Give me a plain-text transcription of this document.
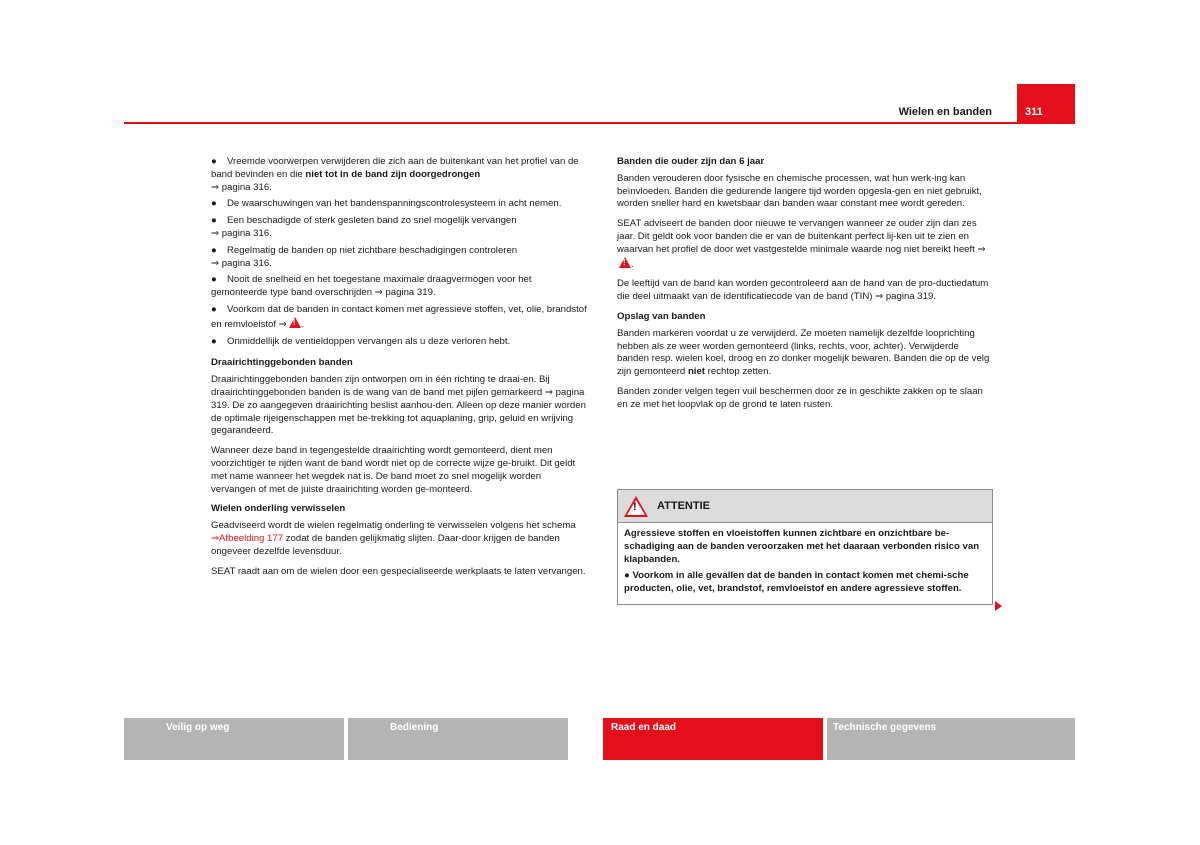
Wielen en banden	311

● Vreemde voorwerpen verwijderen die zich aan de buitenkant van het profiel van de band bevinden en die niet tot in de band zijn doorgedrongen
⇒ pagina 316.

● De waarschuwingen van het bandenspanningscontrolesysteem in acht nemen.

● Een beschadigde of sterk gesleten band zo snel mogelijk vervangen
⇒ pagina 316.

● Regelmatig de banden op niet zichtbare beschadigingen controleren
⇒ pagina 316.

● Nooit de snelheid en het toegestane maximale draagvermogen voor het gemonteerde type band overschrijden ⇒ pagina 319.

● Voorkom dat de banden in contact komen met agressieve stoffen, vet, olie, brandstof en remvloeistof ⇒! .

● Onmiddellijk de ventieldoppen vervangen als u deze verloren hebt.

Draairichtinggebonden banden

Draairichtinggebonden banden zijn ontworpen om in één richting te draai-en. Bij draairichtinggebonden banden is de wang van de band met pijlen gemarkeerd ⇒ pagina 319. De zo aangegeven draairichting beslist aanhou-den. Alleen op deze manier worden de optimale rijeigenschappen met be-trekking tot aquaplaning, grip, geluid en wrijving gegarandeerd.

Wanneer deze band in tegengestelde draairichting wordt gemonteerd, dient men voorzichtiger te rijden want de band wordt niet op de correcte wijze ge-bruikt. Dit geldt met name wanneer het wegdek nat is. De band moet zo snel mogelijk worden vervangen of met de juiste draairichting worden ge-monteerd.

Wielen onderling verwisselen

Geadviseerd wordt de wielen regelmatig onderling te verwisselen volgens het schema ⇒Afbeelding 177 zodat de banden gelijkmatig slijten. Daar-door krijgen de banden ongeveer dezelfde levensduur.

SEAT raadt aan om de wielen door een gespecialiseerde werkplaats te laten vervangen.

Banden die ouder zijn dan 6 jaar

Banden verouderen door fysische en chemische processen, wat hun werk-ing kan beïnvloeden. Banden die gedurende langere tijd worden opgesla-gen en niet gebruikt, worden sneller hard en kwetsbaar dan banden waar constant mee wordt gereden.

SEAT adviseert de banden door nieuwe te vervangen wanneer ze ouder zijn dan zes jaar. Dit geldt ook voor banden die er van de buitenkant perfect lij-ken uit te zien en waarvan het profiel de door wet vastgestelde minimale waarde nog niet bereikt heeft ⇒!.

De leeftijd van de band kan worden gecontroleerd aan de hand van de pro-ductiedatum die deel uitmaakt van de identificatiecode van de band (TIN) ⇒ pagina 319.

Opslag van banden

Banden markeren voordat u ze verwijderd. Ze moeten namelijk dezelfde looprichting hebben als ze weer worden gemonteerd (links, rechts, voor, achter). Verwijderde banden resp. wielen koel, droog en zo donker mogelijk bewaren. Banden die op de velg zijn gemonteerd niet rechtop zetten.

Banden zonder velgen tegen vuil beschermen door ze in geschikte zakken op te slaan en ze met het loopvlak op de grond te laten rusten.

!
ATTENTIE

Agressieve stoffen en vloeistoffen kunnen zichtbare en onzichtbare be-schadiging aan de banden veroorzaken met het daaraan verbonden risico van klapbanden.

● Voorkom in alle gevallen dat de banden in contact komen met chemi-sche producten, olie, vet, brandstof, remvloeistof en andere agressieve stoffen.

Veilig op weg	Bediening	Raad en daad	Technische gegevens
